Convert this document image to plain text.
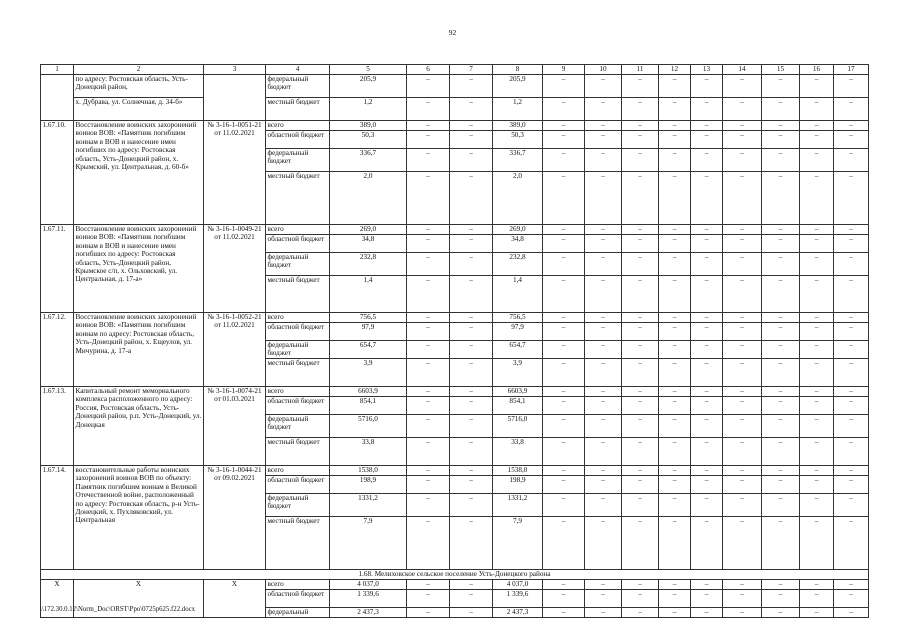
92
1	2	3	4	5	6	7	8	9	10	11	12	13	14	15	16	17
	по адресу: Ростовская область, Усть-Донецкий район,		федеральный бюджет	205,9	–	–	205,9	–	–	–	–	–	–	–	–	–
	х. Дубрава, ул. Солнечная, д. 34-б»		местный бюджет	1,2	–	–	1,2	–	–	–	–	–	–	–	–	–
1.67.10.	Восстановление воинских захоронений воинов ВОВ: «Памятник погибшим воинам в ВОВ и нанесение имен погибших по адресу: Ростовская область, Усть-Донецкий район, х. Крымский, ул. Центральная, д. 60-б»	№ 3-16-1-0051-21 от 11.02.2021	всего	389,0	–	–	389,0	–	–	–	–	–	–	–	–	–
			областной бюджет	50,3	–	–	50,3	–	–	–	–	–	–	–	–	–
			федеральный бюджет	336,7	–	–	336,7	–	–	–	–	–	–	–	–	–
			местный бюджет	2,0	–	–	2,0	–	–	–	–	–	–	–	–	–
1.67.11.	Восстановление воинских захоронений воинов ВОВ: «Памятник погибшим воинам в ВОВ и нанесение имен погибших по адресу: Ростовская область, Усть-Донецкий район, Крымское с/п, х. Ольховский, ул. Центральная, д. 17-а»	№ 3-16-1-0049-21 от 11.02.2021	всего	269,0	–	–	269,0	–	–	–	–	–	–	–	–	–
			областной бюджет	34,8	–	–	34,8	–	–	–	–	–	–	–	–	–
			федеральный бюджет	232,8	–	–	232,8	–	–	–	–	–	–	–	–	–
			местный бюджет	1,4	–	–	1,4	–	–	–	–	–	–	–	–	–
1.67.12.	Восстановление воинских захоронений воинов ВОВ: «Памятник погибшим воинам по адресу: Ростовская область, Усть-Донецкий район, х. Ещеулов, ул. Мичурина, д. 17-а	№ 3-16-1-0052-21 от 11.02.2021	всего	756,5	–	–	756,5	–	–	–	–	–	–	–	–	–
			областной бюджет	97,9	–	–	97,9	–	–	–	–	–	–	–	–	–
			федеральный бюджет	654,7	–	–	654,7	–	–	–	–	–	–	–	–	–
			местный бюджет	3,9	–	–	3,9	–	–	–	–	–	–	–	–	–
1.67.13.	Капитальный ремонт мемориального комплекса расположенного по адресу: Россия, Ростовская область, Усть-Донецкий район, р.п. Усть-Донецкий, ул. Донецкая	№ 3-16-1-0074-21 от 01.03.2021	всего	6603,9	–	–	6603,9	–	–	–	–	–	–	–	–	–
			областной бюджет	854,1	–	–	854,1	–	–	–	–	–	–	–	–	–
			федеральный бюджет	5716,0	–	–	5716,0	–	–	–	–	–	–	–	–	–
			местный бюджет	33,8	–	–	33,8	–	–	–	–	–	–	–	–	–
1.67.14.	восстановительные работы воинских захоронений воинов ВОВ по объекту: Памятник погибшим воинам в Великой Отечественной войне, расположенный по адресу: Ростовская область, р-н Усть-Донецкий, х. Пухляковский, ул. Центральная	№ 3-16-1-0044-21 от 09.02.2021	всего	1538,0	–	–	1538,0	–	–	–	–	–	–	–	–	–
			областной бюджет	198,9	–	–	198,9	–	–	–	–	–	–	–	–	–
			федеральный бюджет	1331,2	–	–	1331,2	–	–	–	–	–	–	–	–	–
			местный бюджет	7,9	–	–	7,9	–	–	–	–	–	–	–	–	–
1.68. Мелиховское сельское поселение Усть-Донецкого района																
X	X	X	всего	4 037,0	–	–	4 037,0	–	–	–	–	–	–	–	–	–
			областной бюджет	1 339,6	–	–	1 339,6	–	–	–	–	–	–	–	–	–
			федеральный	2 437,3	–	–	2 437,3	–	–	–	–	–	–	–	–	–
\\172.30.0.12\Norm_Doc\ORST\Ppo\0725p625.f22.docx
